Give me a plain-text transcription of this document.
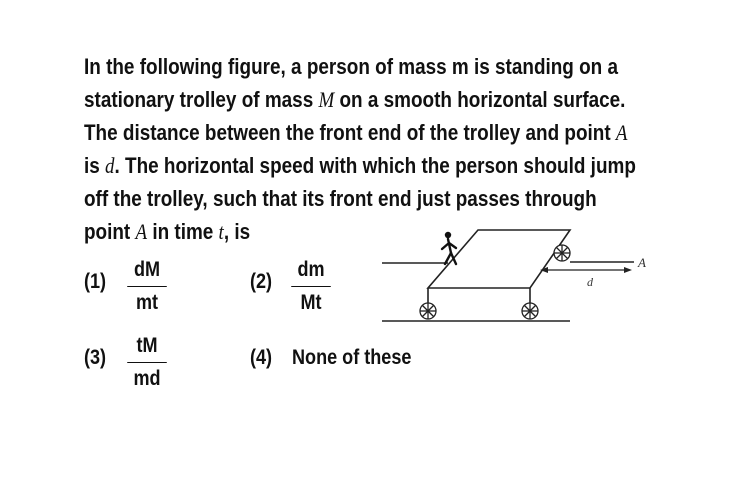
In the following figure, a person of mass m is standing on a
stationary trolley of mass M on a smooth horizontal surface.
The distance between the front end of the trolley and point A
is d. The horizontal speed with which the person should jump
off the trolley, such that its front end just passes through
point A in time t, is
(1)
dM
mt
(2)
dm
Mt
(3)
tM
md
(4) None of these
d
A
